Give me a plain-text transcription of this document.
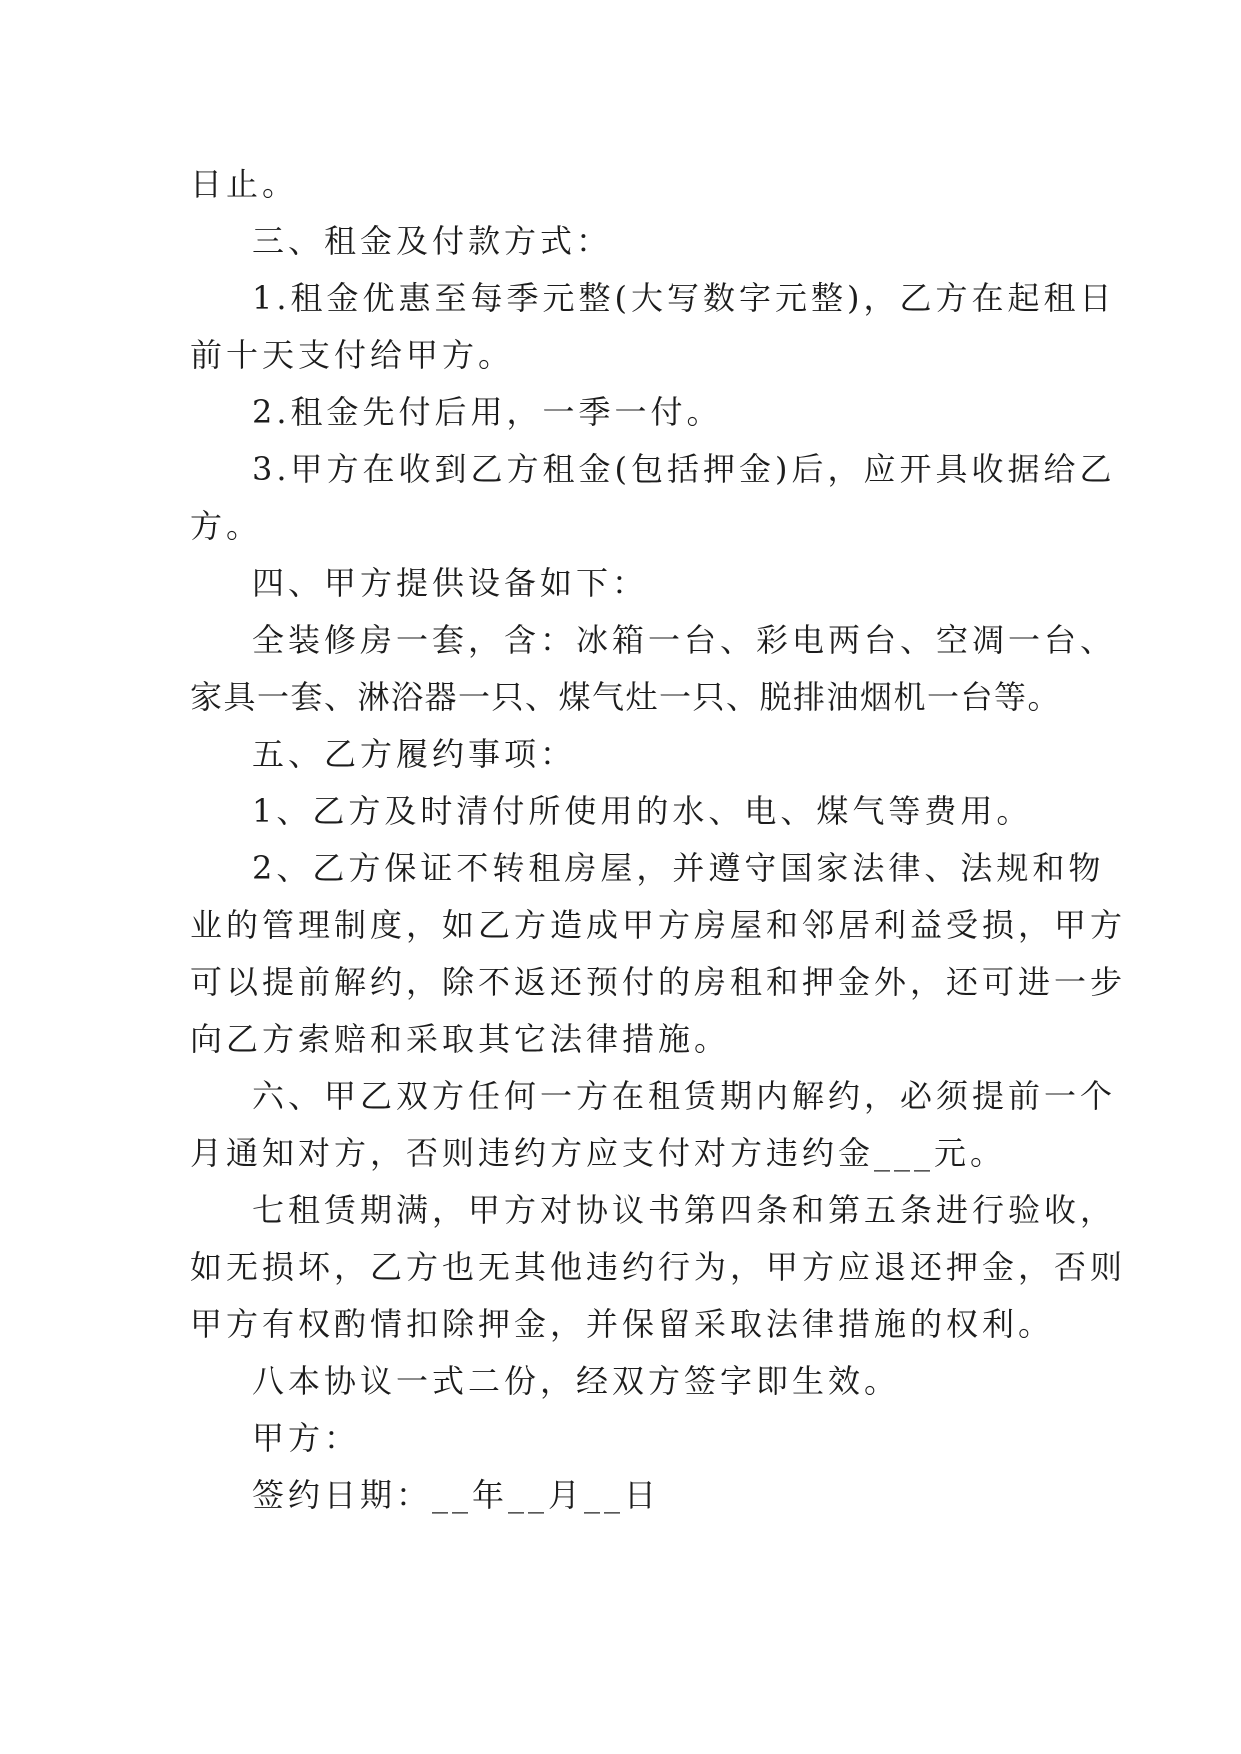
日止。
三、租金及付款方式：
1.租金优惠至每季元整(大写数字元整)，乙方在起租日
前十天支付给甲方。
2.租金先付后用，一季一付。
3.甲方在收到乙方租金(包括押金)后，应开具收据给乙
方。
四、甲方提供设备如下：
全装修房一套，含：冰箱一台、彩电两台、空凋一台、
家具一套、淋浴器一只、煤气灶一只、脱排油烟机一台等。
五、乙方履约事项：
1、乙方及时清付所使用的水、电、煤气等费用。
2、乙方保证不转租房屋，并遵守国家法律、法规和物
业的管理制度，如乙方造成甲方房屋和邻居利益受损，甲方
可以提前解约，除不返还预付的房租和押金外，还可进一步
向乙方索赔和采取其它法律措施。
六、甲乙双方任何一方在租赁期内解约，必须提前一个
月通知对方，否则违约方应支付对方违约金___元。
七租赁期满，甲方对协议书第四条和第五条进行验收，
如无损坏，乙方也无其他违约行为，甲方应退还押金，否则
甲方有权酌情扣除押金，并保留采取法律措施的权利。
八本协议一式二份，经双方签字即生效。
甲方：
签约日期：__年__月__日
